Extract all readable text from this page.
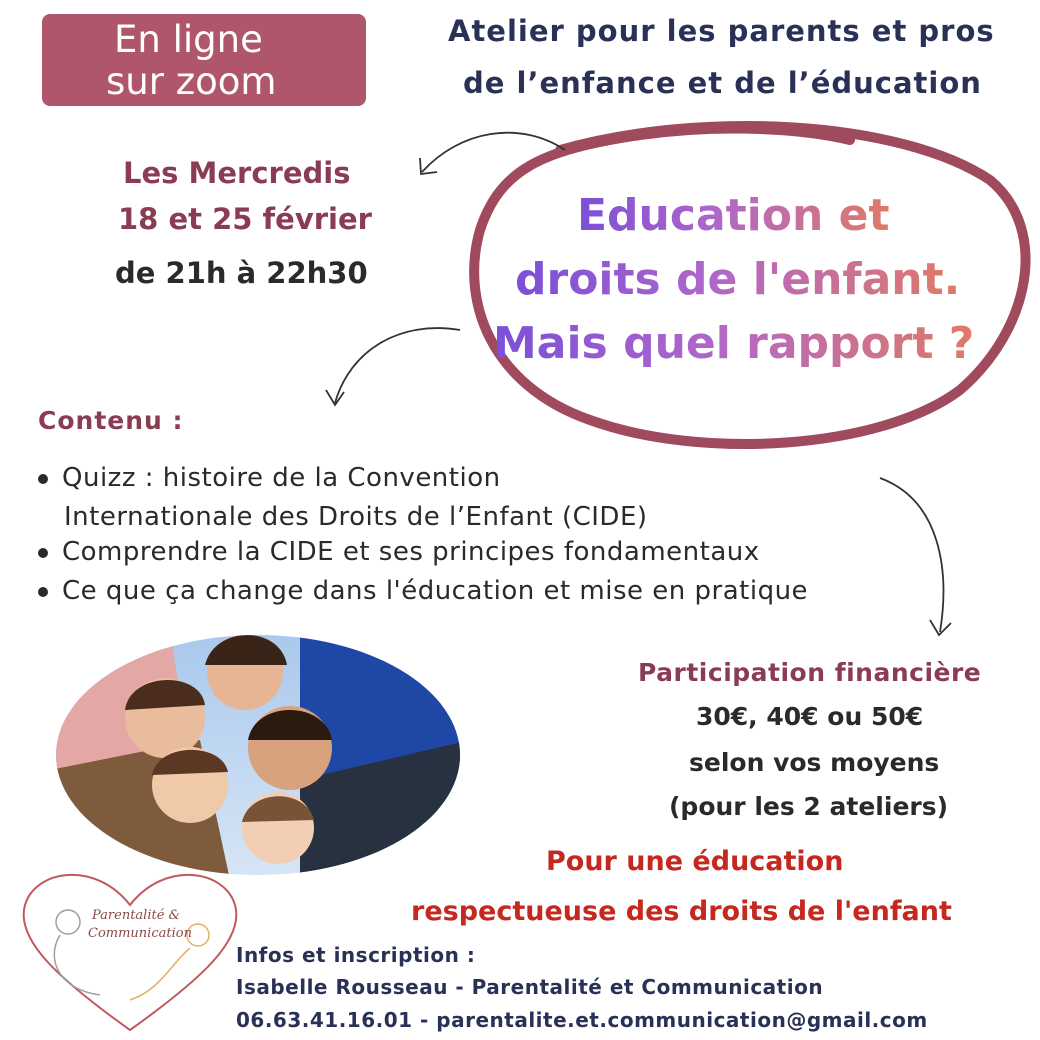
En ligne
sur zoom
Atelier pour les parents et pros
de l’enfance et de l’éducation
Les Mercredis
18 et 25 février
de 21h à 22h30
Education et
droits de l'enfant.
Mais quel rapport ?
Contenu :
Quizz : histoire de la Convention
Internationale des Droits de l’Enfant (CIDE)
Comprendre la CIDE et ses principes fondamentaux
Ce que ça change dans l'éducation et mise en pratique
Participation financière
30€, 40€ ou 50€
selon vos moyens
(pour les 2 ateliers)
Pour une éducation
respectueuse des droits de l'enfant
Parentalité &
Communication
Infos et inscription :
Isabelle Rousseau - Parentalité et Communication
06.63.41.16.01 - parentalite.et.communication@gmail.com
